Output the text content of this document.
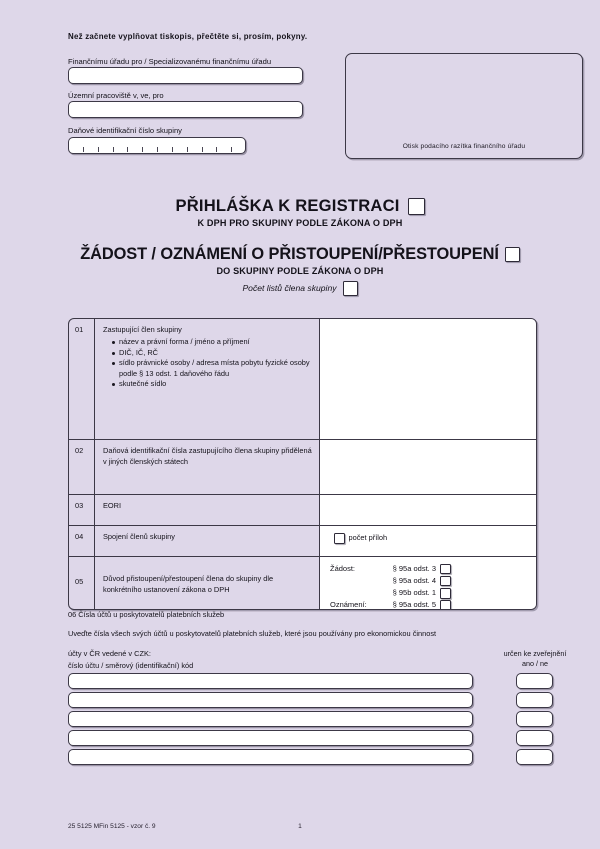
Než začnete vyplňovat tiskopis, přečtěte si, prosím, pokyny.
Finančnímu úřadu pro / Specializovanému finančnímu úřadu
Územní pracoviště v, ve, pro
Daňové identifikační číslo skupiny
Otisk podacího razítka finančního úřadu
PŘIHLÁŠKA K REGISTRACI
K DPH PRO SKUPINY PODLE ZÁKONA O DPH
ŽÁDOST / OZNÁMENÍ O PŘISTOUPENÍ/PŘESTOUPENÍ
DO SKUPINY PODLE ZÁKONA O DPH
Počet listů člena skupiny
01	Zastupující člen skupiny
název a právní forma / jméno a příjmení
DIČ, IČ, RČ
sídlo právnické osoby / adresa místa pobytu fyzické osoby podle § 13 odst. 1 daňového řádu
skutečné sídlo
02	Daňová identifikační čísla zastupujícího člena skupiny přidělená v jiných členských státech
03	EORI
04	Spojení členů skupiny	počet příloh
05	Důvod přistoupení/přestoupení člena do skupiny dle konkrétního ustanovení zákona o DPH
Žádost:	§ 95a odst. 3
§ 95a odst. 4
§ 95b odst. 1
Oznámení:	§ 95a odst. 5
06 Čísla účtů u poskytovatelů platebních služeb
Uveďte čísla všech svých účtů u poskytovatelů platebních služeb, které jsou používány pro ekonomickou činnost
účty v ČR vedené v CZK:
číslo účtu / směrový (identifikační) kód
určen ke zveřejnění
ano / ne

25 5125 MFin 5125 - vzor č. 9	1
